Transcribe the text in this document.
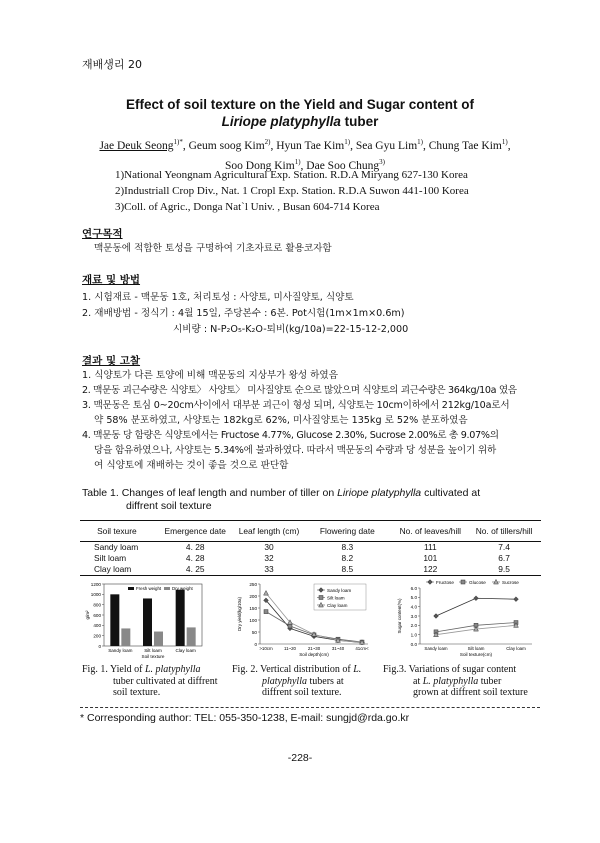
재배생리 20
Effect of soil texture on the Yield and Sugar content of
Liriope platyphylla tuber
Jae Deuk Seong$^{1)*}$, Geum soog Kim$^{2)}$, Hyun Tae Kim$^{1)}$, Sea Gyu Lim$^{1)}$, Chung Tae Kim$^{1)}$,
Soo Dong Kim$^{1)}$, Dae Soo Chung$^{3)}$
1)National Yeongnam Agricultural Exp. Station. R.D.A Miryang 627-130 Korea
2)Industriall Crop Div., Nat. 1 Cropl Exp. Station. R.D.A Suwon 441-100 Korea
3)Coll. of Agric., Donga Nat`l Univ. , Busan 604-714 Korea
연구목적
맥문동에 적합한 토성을 구명하여 기초자료로 활용코자함
재료 및 방법
1. 시험재료 - 맥문동 1호, 처리토성 : 사양토, 미사질양토, 식양토
2. 재배방법 - 정식기 : 4월 15일, 주당본수 : 6본. Pot시험(1m×1m×0.6m)
시비량 : N-P₂O₅-K₂O-퇴비(kg/10a)=22-15-12-2,000
결과 및 고찰
1. 식양토가 다른 토양에 비해 맥문동의 지상부가 왕성 하였음
2. 맥문동 괴근수량은 식양토〉 사양토〉 미사질양토 순으로 많았으며 식양토의 괴근수량은 364kg/10a 였음
3. 맥문동은 토심 0~20cm사이에서 대부분 괴근이 형성 되며, 식양토는 10cm이하에서 212kg/10a로서
약 58% 분포하였고, 사양토는 182kg로 62%, 미사질양토는 135kg 로 52% 분포하였음
4. 맥문동 당 함량은 식양토에서는 Fructose 4.77%, Glucose 2.30%, Sucrose 2.00%로 총 9.07%의
당을 함유하였으나, 사양토는 5.34%에 불과하였다. 따라서 맥문동의 수량과 당 성분을 높이기 위하
여 식양토에 재배하는 것이 좋을 것으로 판단함
Table 1. Changes of leaf length and number of tiller on Liriope platyphylla cultivated at
diffrent soil texture
Soil texure	Emergence date	Leaf length (cm)	Flowering date	No. of leaves/hill	No. of tillers/hill
Sandy loam	4. 28	30	8.3	111	7.4
Silt loam	4. 28	32	8.2	101	6.7
Clay loam	4. 25	33	8.5	122	9.5
0
200
400
600
800
1000
1200
g/m²
Sandy loam	Silt loam	Clay loam
Soil texture
Fresh weight Dry weight
0
50
100
150
200
250
>10cm	11~20	21~30	31~40	41cm<
Soil depth(cm)
Dry yield(kg/10a)
Sandy loam
Silt loam
Clay loam
0.0
1.0
2.0
3.0
4.0
5.0
6.0
Sandy loam	Silt loam	Clay loam
Soil texture(cm)
Sugar content(%)
Fructose	Glucose	Sucrose
Fig. 1. Yield of L. platyphylla
tuber cultivated at diffrent
soil texture.
Fig. 2. Vertical distribution of L.
platyphylla tubers at
diffrent soil texture.
Fig.3. Variations of sugar content
at L. platyphylla tuber
grown at diffrent soil texture
* Corresponding author: TEL: 055-350-1238, E-mail: sungjd@rda.go.kr
-228-
